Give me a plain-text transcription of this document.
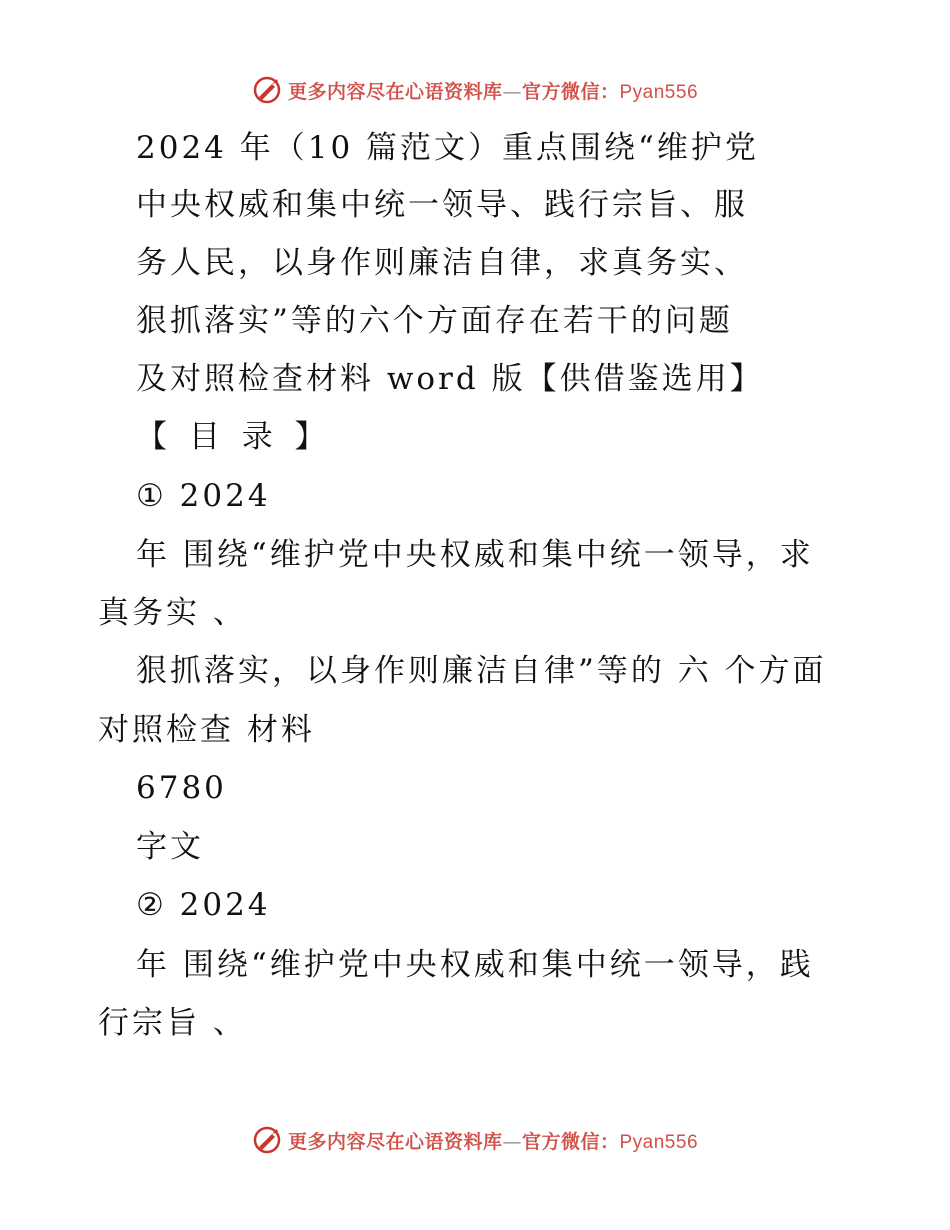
更多内容尽在心语资料库—官方微信：Pyan556
2024 年（10 篇范文）重点围绕“维护党
中央权威和集中统一领导、践行宗旨、服
务人民，以身作则廉洁自律，求真务实、
狠抓落实”等的六个方面存在若干的问题
及对照检查材料 word 版【供借鉴选用】
【 目 录 】
① 2024
年 围绕“维护党中央权威和集中统一领导，求
真务实 、
狠抓落实，以身作则廉洁自律”等的 六 个方面
对照检查 材料
6780
字文
② 2024
年 围绕“维护党中央权威和集中统一领导，践
行宗旨 、
更多内容尽在心语资料库—官方微信：Pyan556
